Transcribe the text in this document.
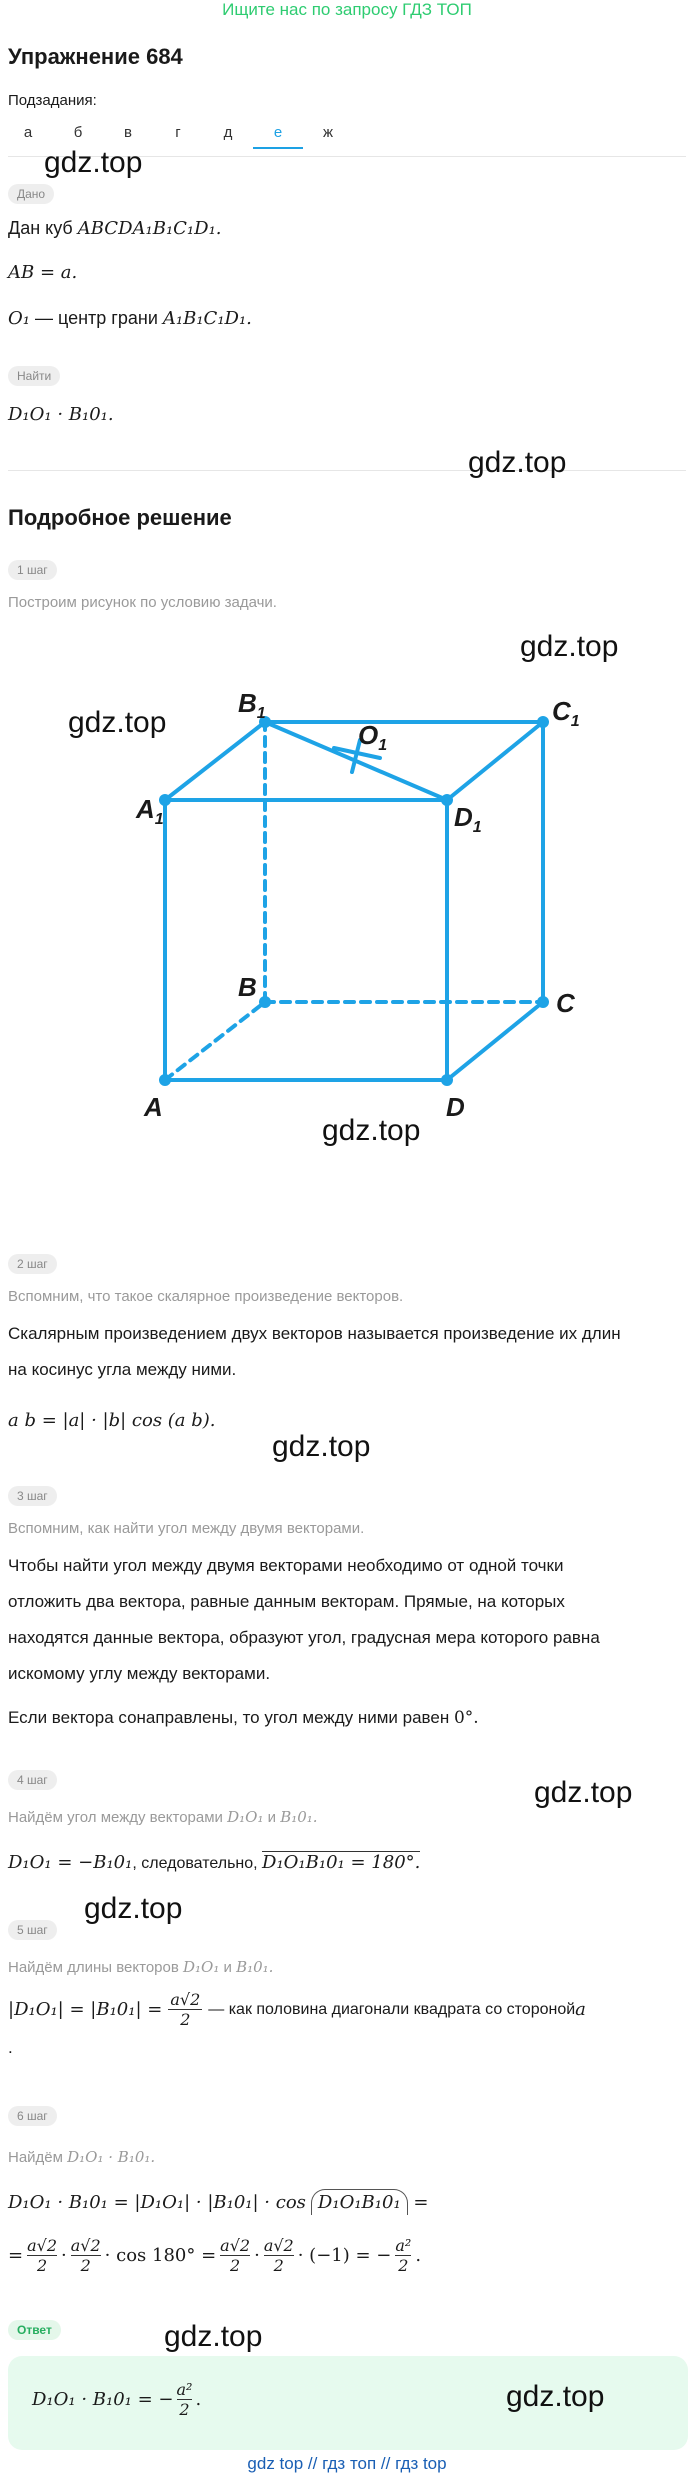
Ищите нас по запросу ГДЗ ТОП
Упражнение 684
Подзадания:
а	б	в	г	д	е	ж
gdz.top
Дано
Дан куб ABCDA₁B₁C₁D₁.
AB = a.
O₁ — центр грани A₁B₁C₁D₁.
Найти
D₁O₁ · B₁0₁.
gdz.top
Подробное решение
1 шаг
Построим рисунок по условию задачи.
gdz.top
gdz.top
gdz.top
A
B
C
D
$A_1$
$B_1$	$C_1$
$D_1$
$O_1$
2 шаг
Вспомним, что такое скалярное произведение векторов.
Скалярным произведением двух векторов называется произведение их длин
на косинус угла между ними.
a b = |a| · |b| cos (a b).
gdz.top
3 шаг
Вспомним, как найти угол между двумя векторами.
Чтобы найти угол между двумя векторами необходимо от одной точки
отложить два вектора, равные данным векторам. Прямые, на которых
находятся данные вектора, образуют угол, градусная мера которого равна
искомому углу между векторами.
Если вектора сонаправлены, то угол между ними равен 0°.
4 шаг	gdz.top
Найдём угол между векторами D₁O₁ и B₁0₁.
D₁O₁ = −B₁0₁, следовательно, D₁O₁B₁0₁ = 180°.
gdz.top
5 шаг
Найдём длины векторов D₁O₁ и B₁0₁.
$|D_1O_1| = |B_10_1| = \frac{a√2}{2}$ — как половина диагонали квадрата со стороной a
.
6 шаг
Найдём D₁O₁ · B₁0₁.
D₁O₁ · B₁0₁ = |D₁O₁| · |B₁0₁| · cos D₁O₁B₁0₁ =
= $\frac{a√2}{2} \cdot a√2$
$2 \cdot \cos 180^\circ = \frac{a√2}{2} \cdot a√2$
2 · (−1) = − $\frac{\text{a²}}{2}$ .
Ответ	gdz.top
D₁O₁ · B₁0₁ = − $\frac{\text{a²}}{2}$ .	gdz.top
gdz top // гдз топ // гдз top
